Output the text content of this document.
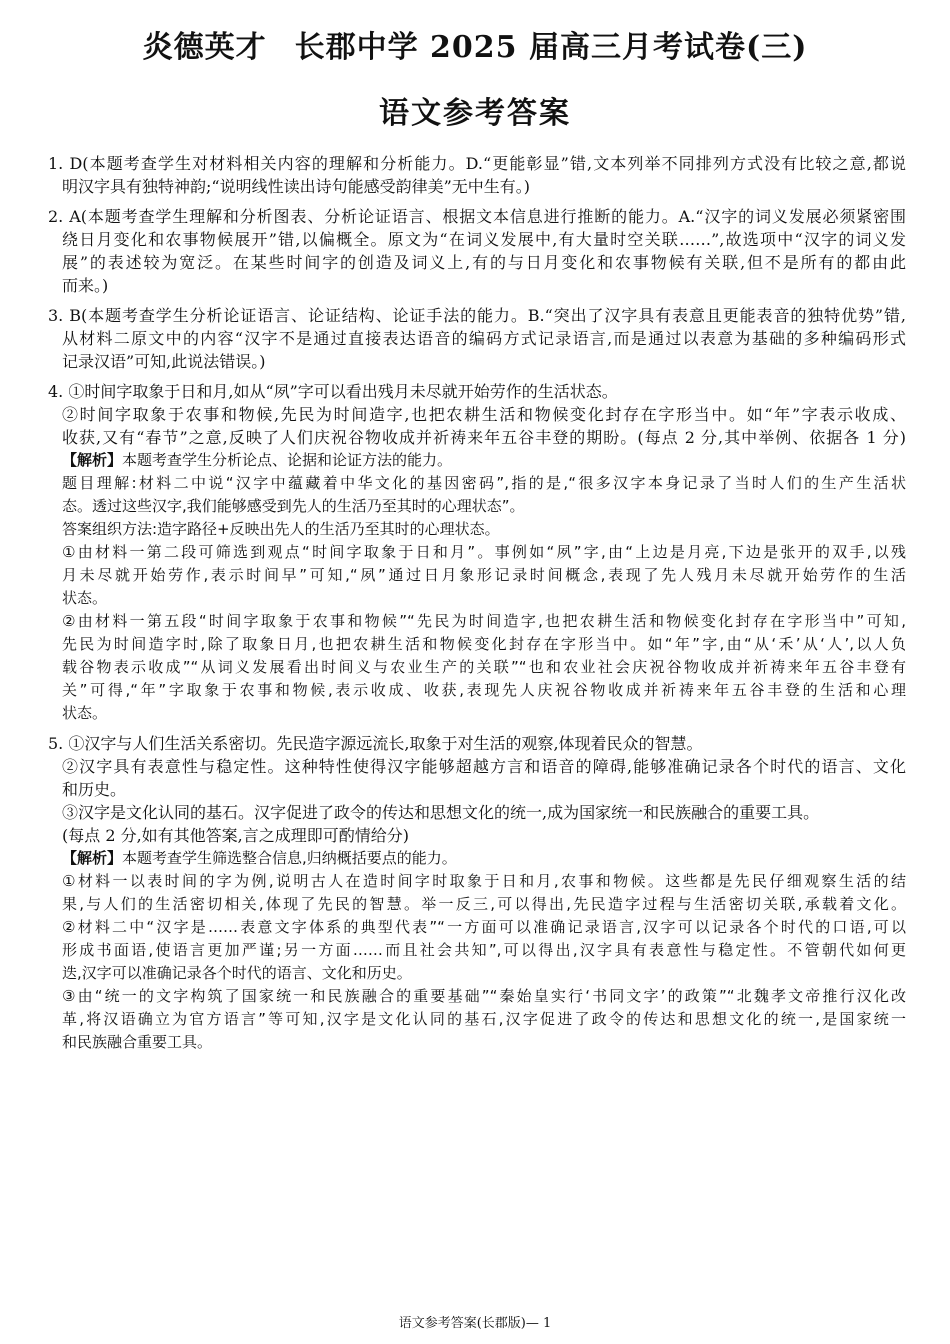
炎德英才 长郡中学 2025 届高三月考试卷(三)
语文参考答案

1. D(本题考查学生对材料相关内容的理解和分析能力。D.“更能彰显”错,文本列举不同排列方式没有比较之意,都说

明汉字具有独特神韵;“说明线性读出诗句能感受韵律美”无中生有。)

2. A(本题考查学生理解和分析图表、分析论证语言、根据文本信息进行推断的能力。A.“汉字的词义发展必须紧密围

绕日月变化和农事物候展开”错,以偏概全。原文为“在词义发展中,有大量时空关联……”,故选项中“汉字的词义发

展”的表述较为宽泛。在某些时间字的创造及词义上,有的与日月变化和农事物候有关联,但不是所有的都由此

而来。)

3. B(本题考查学生分析论证语言、论证结构、论证手法的能力。B.“突出了汉字具有表意且更能表音的独特优势”错,

从材料二原文中的内容“汉字不是通过直接表达语音的编码方式记录语言,而是通过以表意为基础的多种编码形式

记录汉语”可知,此说法错误。)

4. ①时间字取象于日和月,如从“夙”字可以看出残月未尽就开始劳作的生活状态。

②时间字取象于农事和物候,先民为时间造字,也把农耕生活和物候变化封存在字形当中。如“年”字表示收成、

收获,又有“春节”之意,反映了人们庆祝谷物收成并祈祷来年五谷丰登的期盼。(每点 2 分,其中举例、依据各 1 分)

【解析】本题考查学生分析论点、论据和论证方法的能力。

题目理解:材料二中说“汉字中蕴藏着中华文化的基因密码”,指的是,“很多汉字本身记录了当时人们的生产生活状

态。透过这些汉字,我们能够感受到先人的生活乃至其时的心理状态”。

答案组织方法:造字路径+反映出先人的生活乃至其时的心理状态。

①由材料一第二段可筛选到观点“时间字取象于日和月”。事例如“夙”字,由“上边是月亮,下边是张开的双手,以残

月未尽就开始劳作,表示时间早”可知,“夙”通过日月象形记录时间概念,表现了先人残月未尽就开始劳作的生活

状态。

②由材料一第五段“时间字取象于农事和物候”“先民为时间造字,也把农耕生活和物候变化封存在字形当中”可知,

先民为时间造字时,除了取象日月,也把农耕生活和物候变化封存在字形当中。如“年”字,由“从‘禾’从‘人’,以人负

载谷物表示收成”“从词义发展看出时间义与农业生产的关联”“也和农业社会庆祝谷物收成并祈祷来年五谷丰登有

关”可得,“年”字取象于农事和物候,表示收成、收获,表现先人庆祝谷物收成并祈祷来年五谷丰登的生活和心理

状态。

5. ①汉字与人们生活关系密切。先民造字源远流长,取象于对生活的观察,体现着民众的智慧。

②汉字具有表意性与稳定性。这种特性使得汉字能够超越方言和语音的障碍,能够准确记录各个时代的语言、文化

和历史。

③汉字是文化认同的基石。汉字促进了政令的传达和思想文化的统一,成为国家统一和民族融合的重要工具。

(每点 2 分,如有其他答案,言之成理即可酌情给分)

【解析】本题考查学生筛选整合信息,归纳概括要点的能力。

①材料一以表时间的字为例,说明古人在造时间字时取象于日和月,农事和物候。这些都是先民仔细观察生活的结

果,与人们的生活密切相关,体现了先民的智慧。举一反三,可以得出,先民造字过程与生活密切关联,承载着文化。

②材料二中“汉字是……表意文字体系的典型代表”“一方面可以准确记录语言,汉字可以记录各个时代的口语,可以

形成书面语,使语言更加严谨;另一方面……而且社会共知”,可以得出,汉字具有表意性与稳定性。不管朝代如何更

迭,汉字可以准确记录各个时代的语言、文化和历史。

③由“统一的文字构筑了国家统一和民族融合的重要基础”“秦始皇实行‘书同文字’的政策”“北魏孝文帝推行汉化改

革,将汉语确立为官方语言”等可知,汉字是文化认同的基石,汉字促进了政令的传达和思想文化的统一,是国家统一

和民族融合重要工具。

语文参考答案(长郡版)— 1
